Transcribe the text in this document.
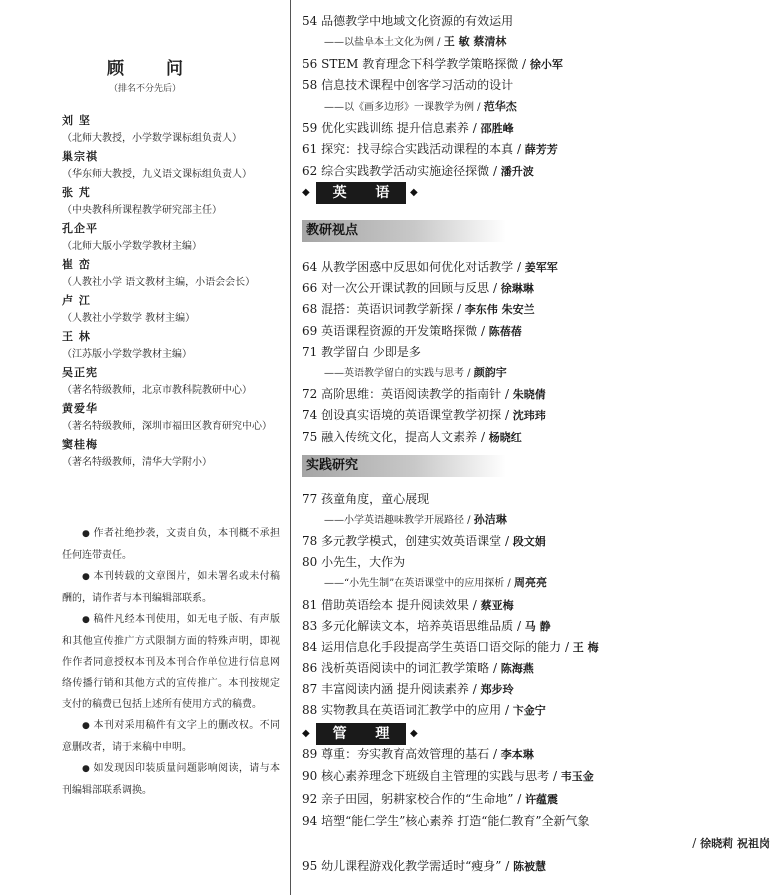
顾 问
（排名不分先后）
刘 坚
（北师大教授，小学数学课标组负责人）
巢宗祺
（华东师大教授，九义语文课标组负责人）
张 芃
（中央教科所课程教学研究部主任）
孔企平
（北师大版小学数学教材主编）
崔 峦
（人教社小学 语文教材主编，小语会会长）
卢 江
（人教社小学数学 教材主编）
王 林
（江苏版小学数学教材主编）
吴正宪
（著名特级教师，北京市教科院教研中心）
黄爱华
（著名特级教师，深圳市福田区教育研究中心）
窦桂梅
（著名特级教师，清华大学附小）
● 作者社绝抄袭，文责自负，本刊概不承担任何连带责任。
● 本刊转载的文章图片，如未署名或未付稿酬的，请作者与本刊编辑部联系。
● 稿件凡经本刊使用，如无电子版、有声版和其他宣传推广方式限制方面的特殊声明，即视作作者同意授权本刊及本刊合作单位进行信息网络传播行销和其他方式的宣传推广。本刊按规定支付的稿费已包括上述所有使用方式的稿费。
● 本刊对采用稿件有文字上的删改权。不同意删改者，请于来稿中申明。
● 如发现因印装质量问题影响阅读，请与本刊编辑部联系调换。
54 品德教学中地域文化资源的有效运用
——以盐阜本土文化为例 / 王 敏 蔡清林
56 STEM 教育理念下科学教学策略探微 / 徐小军
58 信息技术课程中创客学习活动的设计
——以《画多边形》一课教学为例 / 范华杰
59 优化实践训练 提升信息素养 / 邵胜峰
61 探究：找寻综合实践活动课程的本真 / 薛芳芳
62 综合实践教学活动实施途径探微 / 潘升波
◆	英 语 ◆
教研视点
64 从教学困惑中反思如何优化对话教学 / 姜军军
66 对一次公开课试教的回顾与反思 / 徐琳琳
68 混搭：英语识词教学新探 / 李东伟 朱安兰
69 英语课程资源的开发策略探微 / 陈蓓蓓
71 教学留白 少即是多
——英语教学留白的实践与思考 / 颜韵宇
72 高阶思维：英语阅读教学的指南针 / 朱晓倩
74 创设真实语境的英语课堂教学初探 / 沈玮玮
75 融入传统文化，提高人文素养 / 杨晓红
实践研究
77 孩童角度，童心展现
——小学英语趣味教学开展路径 / 孙洁琳
78 多元教学模式，创建实效英语课堂 / 段文娟
80 小先生，大作为
——“小先生制”在英语课堂中的应用探析 / 周亮亮
81 借助英语绘本 提升阅读效果 / 蔡亚梅
83 多元化解读文本，培养英语思维品质 / 马 静
84 运用信息化手段提高学生英语口语交际的能力 / 王 梅
86 浅析英语阅读中的词汇教学策略 / 陈海燕
87 丰富阅读内涵 提升阅读素养 / 郑步玲
88 实物教具在英语词汇教学中的应用 / 卞金宁
◆	管 理 ◆
89 尊重：夯实教育高效管理的基石 / 李本琳
90 核心素养理念下班级自主管理的实践与思考 / 韦玉金
92 亲子田园，躬耕家校合作的“生命地” / 许蕴震
94 培塑“能仁学生”核心素养 打造“能仁教育”全新气象
/ 徐晓莉 祝祖岗
95 幼儿课程游戏化教学需适时“瘦身” / 陈被慧
